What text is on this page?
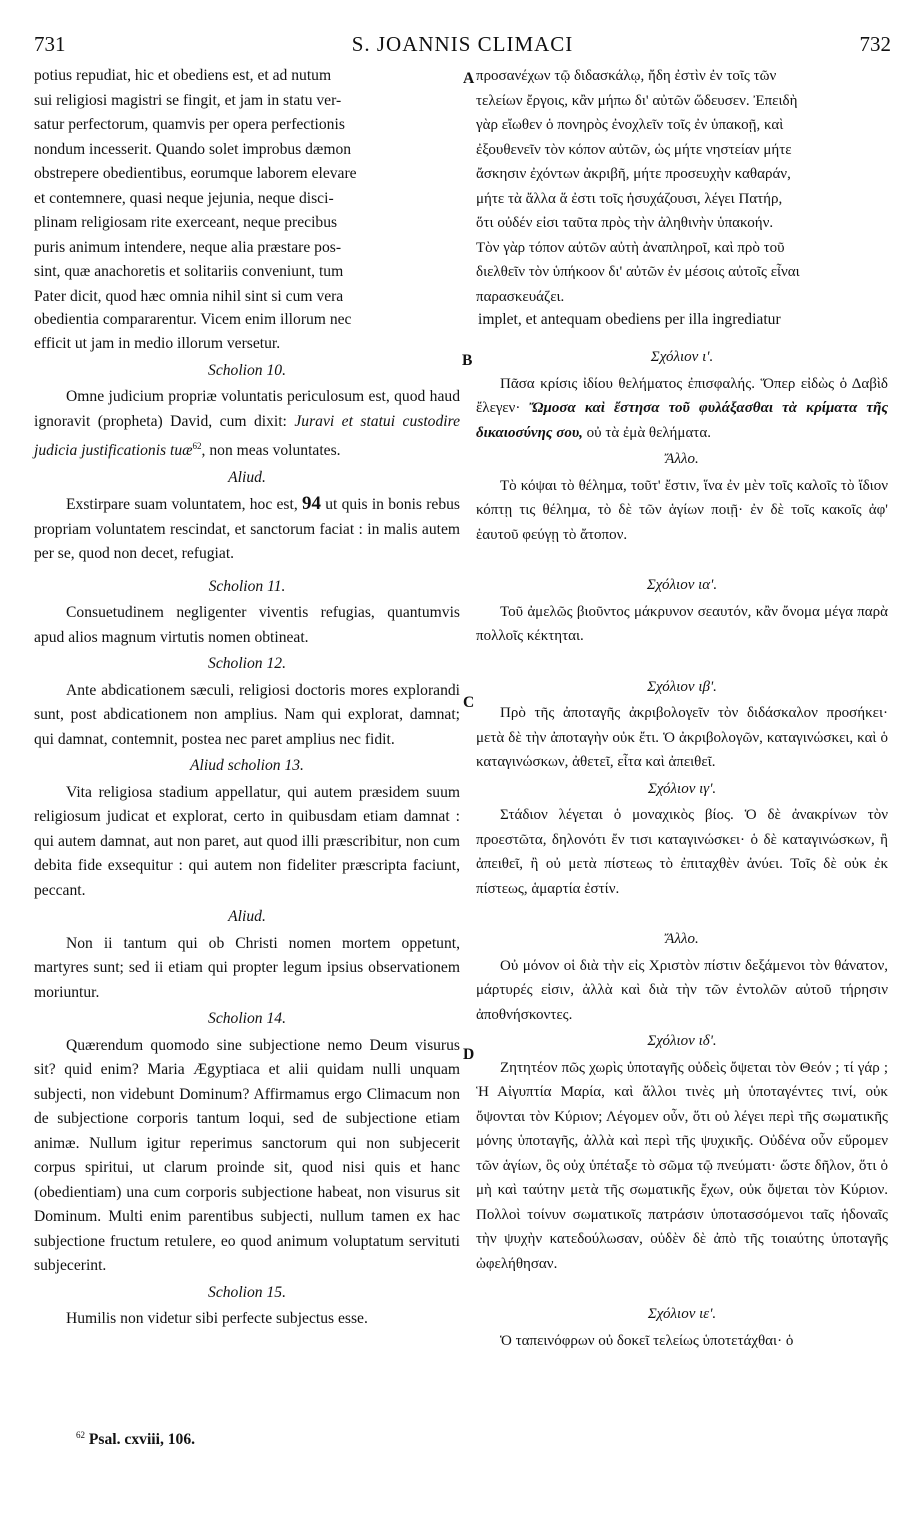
731	S. JOANNIS CLIMACI	732
A
B
C
D
potius repudiat, hic et obediens est, et ad nutum
sui religiosi magistri se fingit, et jam in statu ver-
satur perfectorum, quamvis per opera perfectionis
nondum incesserit. Quando solet improbus dæmon
obstrepere obedientibus, eorumque laborem elevare
et contemnere, quasi neque jejunia, neque disci-
plinam religiosam rite exerceant, neque precibus
puris animum intendere, neque alia præstare pos-
sint, quæ anachoretis et solitariis conveniunt, tum
Pater dicit, quod hæc omnia nihil sint si cum vera
προσανέχων τῷ διδασκάλῳ, ἤδη ἐστὶν ἐν τοῖς τῶν
τελείων ἔργοις, κἂν μήπω δι' αὐτῶν ὥδευσεν. Ἐπειδὴ
γὰρ εἴωθεν ὁ πονηρὸς ἐνοχλεῖν τοῖς ἐν ὑπακοῇ, καὶ
ἐξουθενεῖν τὸν κόπον αὐτῶν, ὡς μήτε νηστείαν μήτε
ἄσκησιν ἐχόντων ἀκριβῆ, μήτε προσευχὴν καθαράν,
μήτε τὰ ἄλλα ἅ ἐστι τοῖς ἡσυχάζουσι, λέγει Πατήρ,
ὅτι οὐδέν εἰσι ταῦτα πρὸς τὴν ἀληθινὴν ὑπακοήν.
Τὸν γὰρ τόπον αὐτῶν αὐτὴ ἀναπληροῖ, καὶ πρὸ τοῦ
διελθεῖν τὸν ὑπήκοον δι' αὐτῶν ἐν μέσοις αὐτοῖς εἶναι
παρασκευάζει.
obedientia compararentur. Vicem enim illorum nec	implet, et antequam obediens per illa ingrediatur
efficit ut jam in medio illorum versetur.
Scholion 10.

Omne judicium propriæ voluntatis periculosum est, quod haud ignoravit (propheta) David, cum dixit: Juravi et statui custodire judicia justificationis tuæ$^{62}$, non meas voluntates.

Aliud.

Exstirpare suam voluntatem, hoc est, 94 ut quis in bonis rebus propriam voluntatem rescindat, et sanctorum faciat : in malis autem per se, quod non decet, refugiat.

Scholion 11.

Consuetudinem negligenter viventis refugias, quantumvis apud alios magnum virtutis nomen obtineat.

Scholion 12.

Ante abdicationem sæculi, religiosi doctoris mores explorandi sunt, post abdicationem non amplius. Nam qui explorat, damnat; qui damnat, contemnit, postea nec paret amplius nec fidit.

Aliud scholion 13.

Vita religiosa stadium appellatur, qui autem præsidem suum religiosum judicat et explorat, certo in quibusdam etiam damnat : qui autem damnat, aut non paret, aut quod illi præscribitur, non cum debita fide exsequitur : qui autem non fideliter præscripta faciunt, peccant.

Aliud.

Non ii tantum qui ob Christi nomen mortem oppetunt, martyres sunt; sed ii etiam qui propter legum ipsius observationem moriuntur.

Scholion 14.

Quærendum quomodo sine subjectione nemo Deum visurus sit? quid enim? Maria Ægyptiaca et alii quidam nulli unquam subjecti, non videbunt Dominum? Affirmamus ergo Climacum non de subjectione corporis tantum loqui, sed de subjectione etiam animæ. Nullum igitur reperimus sanctorum qui non subjecerit corpus spiritui, ut clarum proinde sit, quod nisi quis et hanc (obedientiam) una cum corporis subjectione habeat, non visurus sit Dominum. Multi enim parentibus subjecti, nullum tamen ex hac subjectione fructum retulere, eo quod animum voluptatum servituti subjecerint.

Scholion 15.

Humilis non videtur sibi perfecte subjectus esse.

Σχόλιον ι'.

Πᾶσα κρίσις ἰδίου θελήματος ἐπισφαλής. Ὅπερ εἰδὼς ὁ Δαβὶδ ἔλεγεν· Ὤμοσα καὶ ἔστησα τοῦ φυλάξασθαι τὰ κρίματα τῆς δικαιοσύνης σου, οὐ τὰ ἐμὰ θελήματα.

Ἄλλο.

Τὸ κόψαι τὸ θέλημα, τοῦτ' ἔστιν, ἵνα ἐν μὲν τοῖς καλοῖς τὸ ἴδιον κόπτῃ τις θέλημα, τὸ δὲ τῶν ἁγίων ποιῇ· ἐν δὲ τοῖς κακοῖς ἀφ' ἑαυτοῦ φεύγῃ τὸ ἄτοπον.

Σχόλιον ια'.

Τοῦ ἀμελῶς βιοῦντος μάκρυνον σεαυτόν, κἂν ὄνομα μέγα παρὰ πολλοῖς κέκτηται.

Σχόλιον ιβ'.

Πρὸ τῆς ἀποταγῆς ἀκριβολογεῖν τὸν διδάσκαλον προσήκει· μετὰ δὲ τὴν ἀποταγὴν οὐκ ἔτι. Ὁ ἀκριβολογῶν, καταγινώσκει, καὶ ὁ καταγινώσκων, ἀθετεῖ, εἶτα καὶ ἀπειθεῖ.

Σχόλιον ιγ'.

Στάδιον λέγεται ὁ μοναχικὸς βίος. Ὁ δὲ ἀνακρίνων τὸν προεστῶτα, δηλονότι ἔν τισι καταγινώσκει· ὁ δὲ καταγινώσκων, ἢ ἀπειθεῖ, ἢ οὐ μετὰ πίστεως τὸ ἐπιταχθὲν ἀνύει. Τοῖς δὲ οὐκ ἐκ πίστεως, ἁμαρτία ἐστίν.

Ἄλλο.

Οὐ μόνον οἱ διὰ τὴν εἰς Χριστὸν πίστιν δεξάμενοι τὸν θάνατον, μάρτυρές εἰσιν, ἀλλὰ καὶ διὰ τὴν τῶν ἐντολῶν αὐτοῦ τήρησιν ἀποθνήσκοντες.

Σχόλιον ιδ'.

Ζητητέον πῶς χωρὶς ὑποταγῆς οὐδεὶς ὄψεται τὸν Θεόν ; τί γάρ ; Ἡ Αἰγυπτία Μαρία, καὶ ἄλλοι τινὲς μὴ ὑποταγέντες τινί, οὐκ ὄψονται τὸν Κύριον; Λέγομεν οὖν, ὅτι οὐ λέγει περὶ τῆς σωματικῆς μόνης ὑποταγῆς, ἀλλὰ καὶ περὶ τῆς ψυχικῆς. Οὐδένα οὖν εὕρομεν τῶν ἁγίων, ὃς οὐχ ὑπέταξε τὸ σῶμα τῷ πνεύματι· ὥστε δῆλον, ὅτι ὁ μὴ καὶ ταύτην μετὰ τῆς σωματικῆς ἔχων, οὐκ ὄψεται τὸν Κύριον. Πολλοὶ τοίνυν σωματικοῖς πατράσιν ὑποτασσόμενοι ταῖς ἡδοναῖς τὴν ψυχὴν κατεδούλωσαν, οὐδὲν δὲ ἀπὸ τῆς τοιαύτης ὑποταγῆς ὠφελήθησαν.

Σχόλιον ιε'.

Ὁ ταπεινόφρων οὐ δοκεῖ τελείως ὑποτετάχθαι· ὁ

$^{62}$ Psal. cxviii, 106.
